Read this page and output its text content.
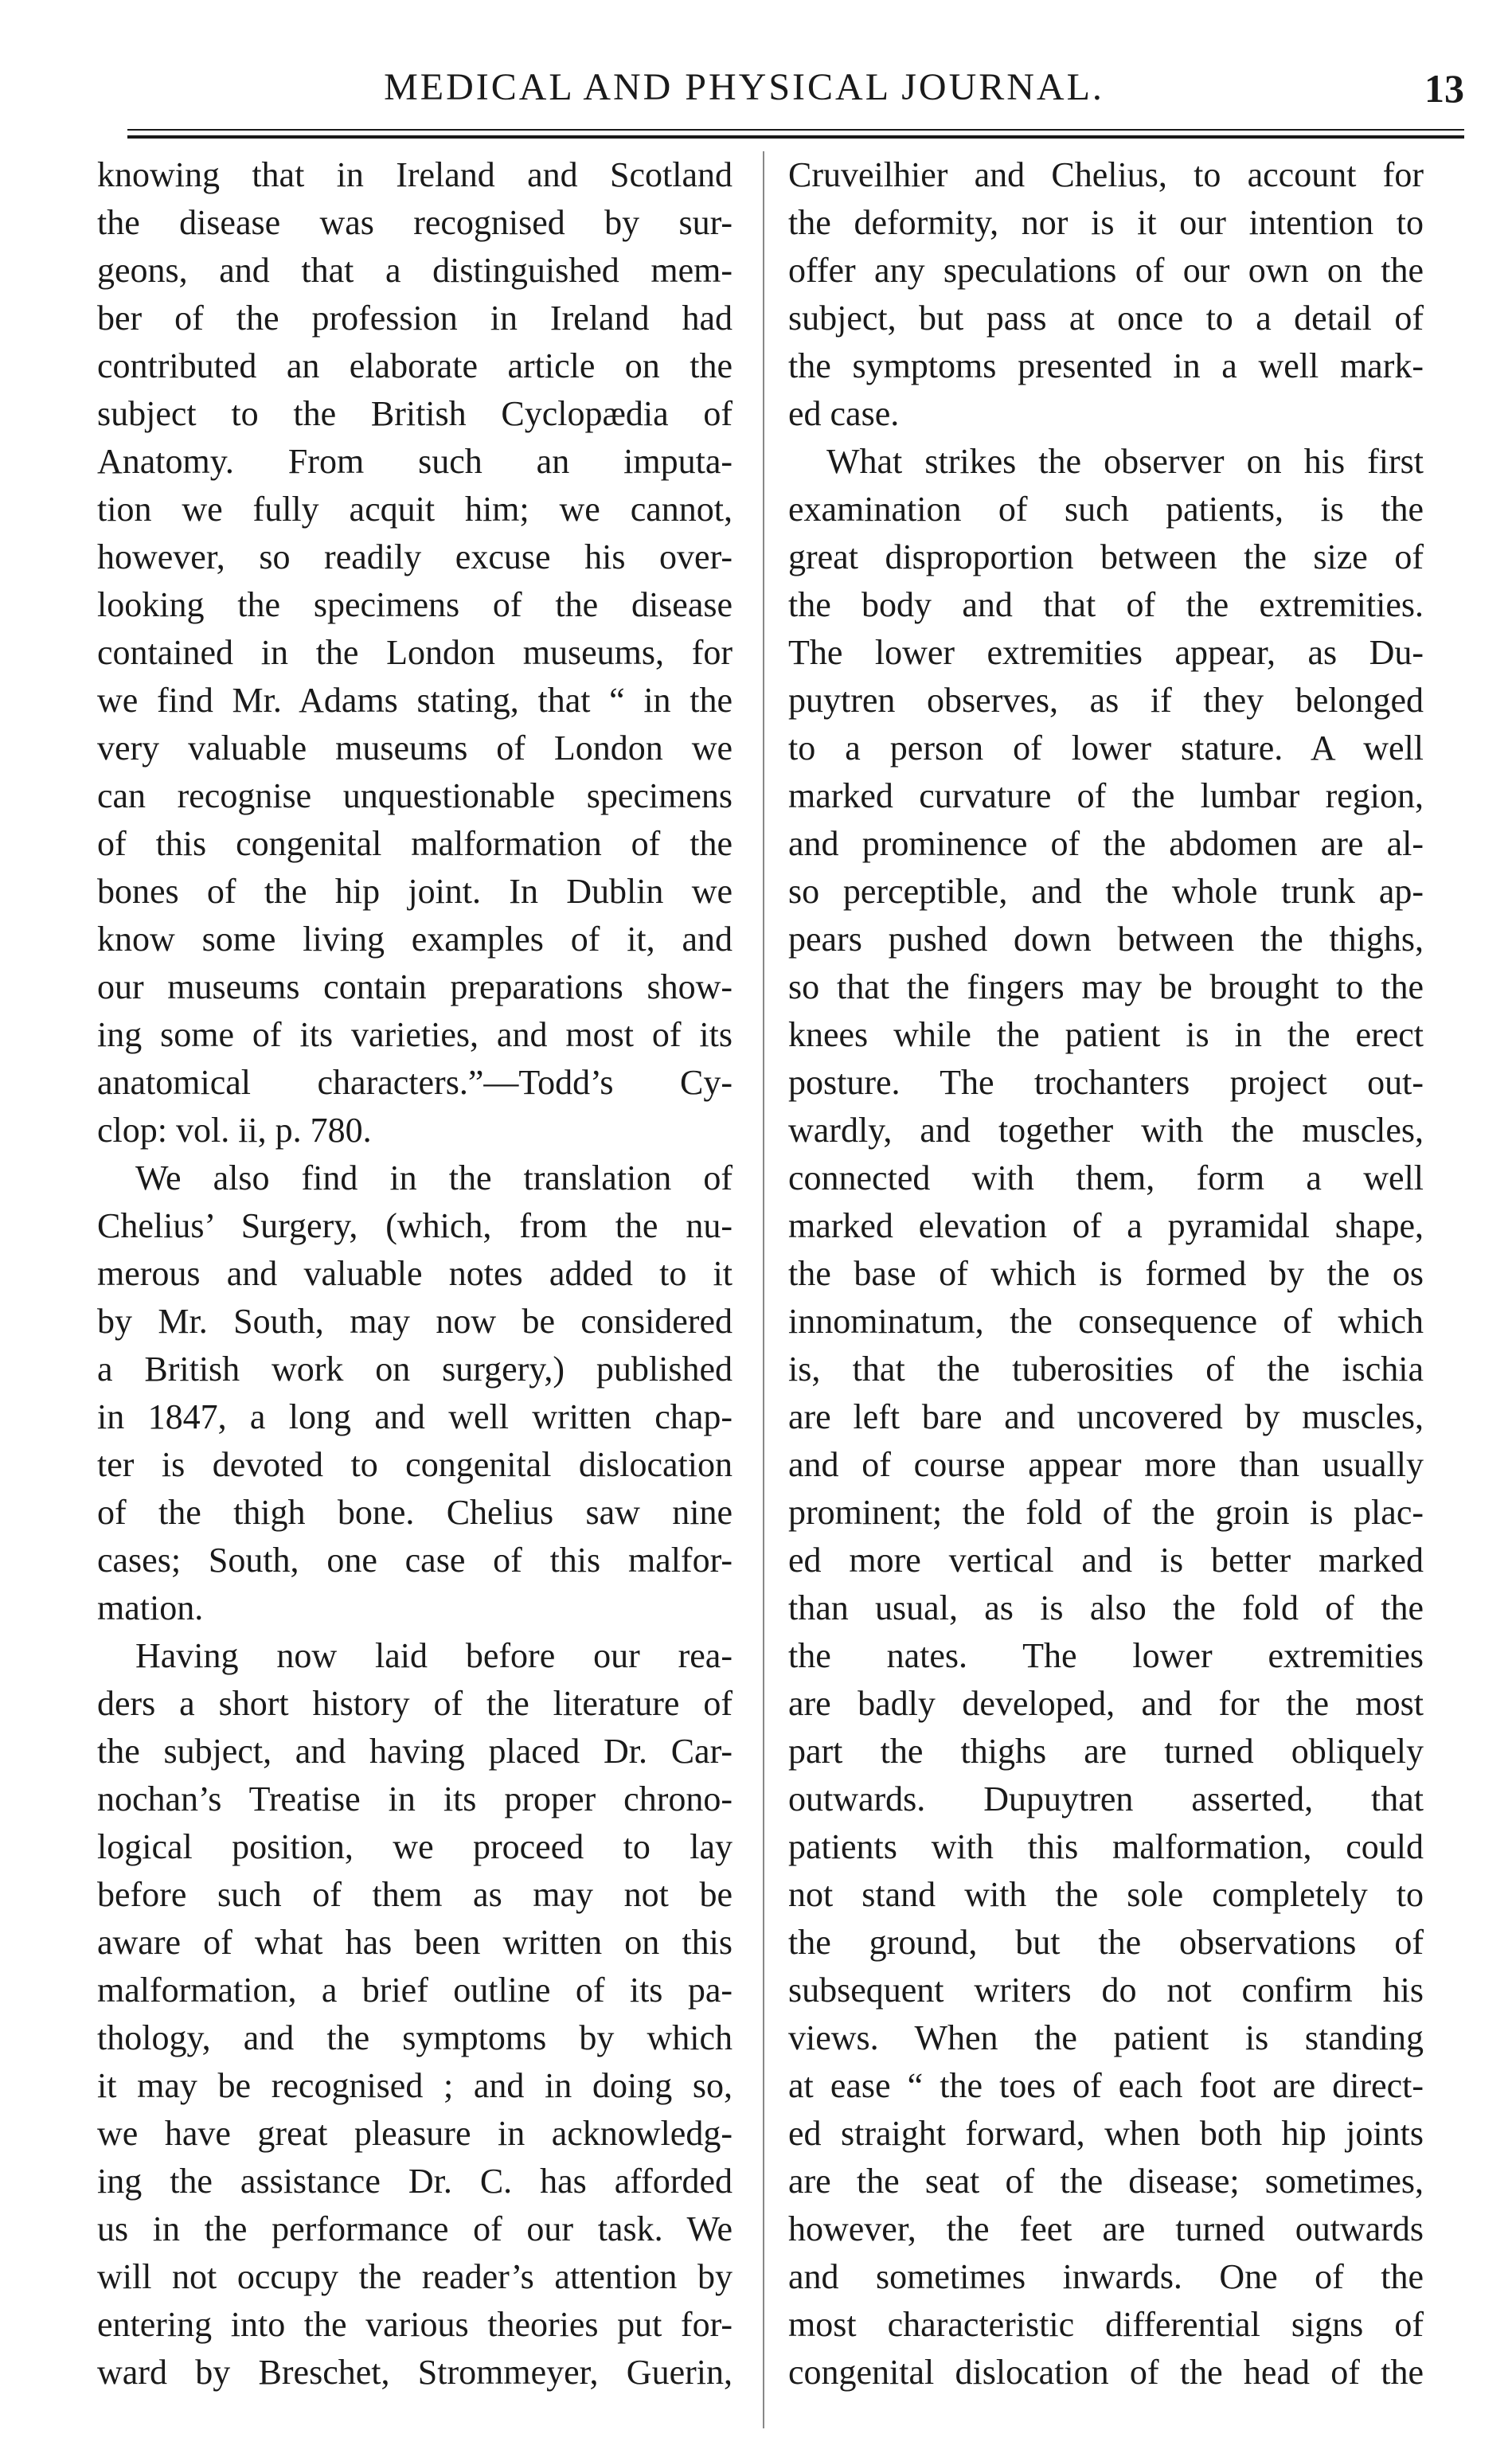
MEDICAL AND PHYSICAL JOURNAL.	13
knowing that in Ireland and Scotland
the disease was recognised by sur-
geons, and that a distinguished mem-
ber of the profession in Ireland had
contributed an elaborate article on the
subject to the British Cyclopædia of
Anatomy. From such an imputa-
tion we fully acquit him; we cannot,
however, so readily excuse his over-
looking the specimens of the disease
contained in the London museums, for
we find Mr. Adams stating, that “ in the
very valuable museums of London we
can recognise unquestionable specimens
of this congenital malformation of the
bones of the hip joint. In Dublin we
know some living examples of it, and
our museums contain preparations show-
ing some of its varieties, and most of its
anatomical characters.”—Todd’s Cy-
clop: vol. ii, p. 780.
We also find in the translation of
Chelius’ Surgery, (which, from the nu-
merous and valuable notes added to it
by Mr. South, may now be considered
a British work on surgery,) published
in 1847, a long and well written chap-
ter is devoted to congenital dislocation
of the thigh bone. Chelius saw nine
cases; South, one case of this malfor-
mation.
Having now laid before our rea-
ders a short history of the literature of
the subject, and having placed Dr. Car-
nochan’s Treatise in its proper chrono-
logical position, we proceed to lay
before such of them as may not be
aware of what has been written on this
malformation, a brief outline of its pa-
thology, and the symptoms by which
it may be recognised ; and in doing so,
we have great pleasure in acknowledg-
ing the assistance Dr. C. has afforded
us in the performance of our task. We
will not occupy the reader’s attention by
entering into the various theories put for-
ward by Breschet, Strommeyer, Guerin,
Cruveilhier and Chelius, to account for
the deformity, nor is it our intention to
offer any speculations of our own on the
subject, but pass at once to a detail of
the symptoms presented in a well mark-
ed case.
What strikes the observer on his first
examination of such patients, is the
great disproportion between the size of
the body and that of the extremities.
The lower extremities appear, as Du-
puytren observes, as if they belonged
to a person of lower stature. A well
marked curvature of the lumbar region,
and prominence of the abdomen are al-
so perceptible, and the whole trunk ap-
pears pushed down between the thighs,
so that the fingers may be brought to the
knees while the patient is in the erect
posture. The trochanters project out-
wardly, and together with the muscles,
connected with them, form a well
marked elevation of a pyramidal shape,
the base of which is formed by the os
innominatum, the consequence of which
is, that the tuberosities of the ischia
are left bare and uncovered by muscles,
and of course appear more than usually
prominent; the fold of the groin is plac-
ed more vertical and is better marked
than usual, as is also the fold of the
the nates. The lower extremities
are badly developed, and for the most
part the thighs are turned obliquely
outwards. Dupuytren asserted, that
patients with this malformation, could
not stand with the sole completely to
the ground, but the observations of
subsequent writers do not confirm his
views. When the patient is standing
at ease “ the toes of each foot are direct-
ed straight forward, when both hip joints
are the seat of the disease; sometimes,
however, the feet are turned outwards
and sometimes inwards. One of the
most characteristic differential signs of
congenital dislocation of the head of the
